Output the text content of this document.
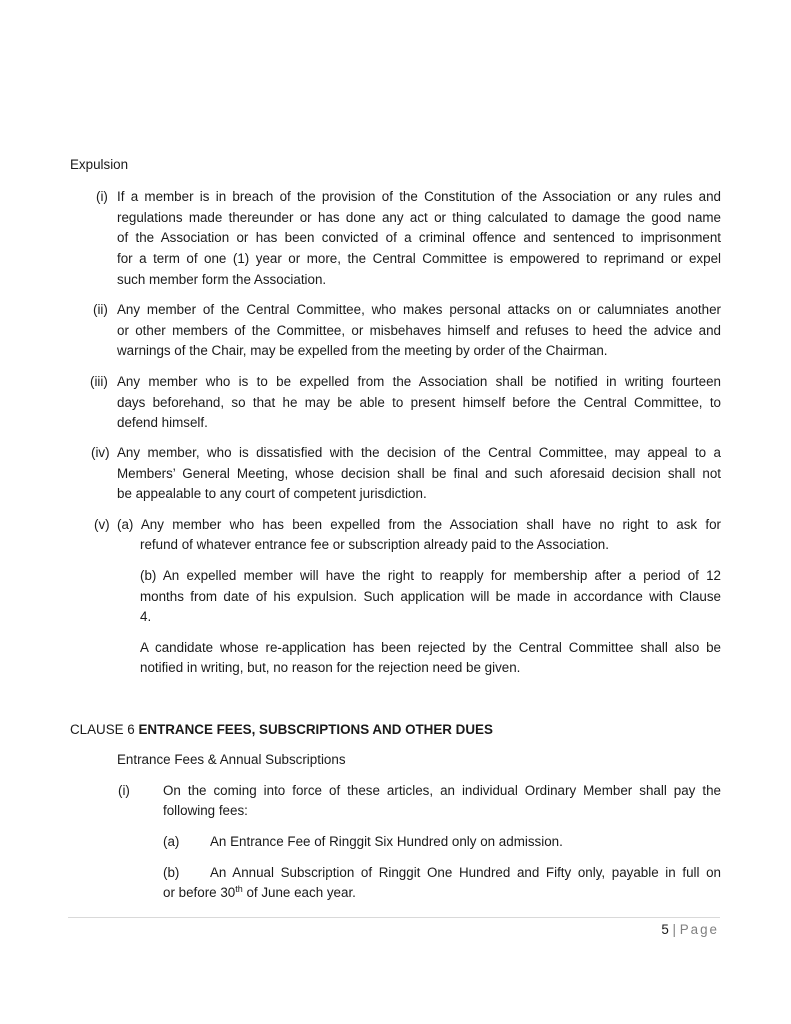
Expulsion
(i) If a member is in breach of the provision of the Constitution of the Association or any rules and
regulations made thereunder or has done any act or thing calculated to damage the good name
of the Association or has been convicted of a criminal offence and sentenced to imprisonment
for a term of one (1) year or more, the Central Committee is empowered to reprimand or expel
such member form the Association.
(ii) Any member of the Central Committee, who makes personal attacks on or calumniates another
or other members of the Committee, or misbehaves himself and refuses to heed the advice and
warnings of the Chair, may be expelled from the meeting by order of the Chairman.
(iii) Any member who is to be expelled from the Association shall be notified in writing fourteen
days beforehand, so that he may be able to present himself before the Central Committee, to
defend himself.
(iv) Any member, who is dissatisfied with the decision of the Central Committee, may appeal to a
Members’ General Meeting, whose decision shall be final and such aforesaid decision shall not
be appealable to any court of competent jurisdiction.
(v) (a) Any member who has been expelled from the Association shall have no right to ask for
refund of whatever entrance fee or subscription already paid to the Association.
(b) An expelled member will have the right to reapply for membership after a period of 12
months from date of his expulsion. Such application will be made in accordance with Clause
4.
A candidate whose re-application has been rejected by the Central Committee shall also be
notified in writing, but, no reason for the rejection need be given.
CLAUSE 6 ENTRANCE FEES, SUBSCRIPTIONS AND OTHER DUES
Entrance Fees & Annual Subscriptions
(i) On the coming into force of these articles, an individual Ordinary Member shall pay the
following fees:
(a) An Entrance Fee of Ringgit Six Hundred only on admission.
(b) An Annual Subscription of Ringgit One Hundred and Fifty only, payable in full on
or before 30th of June each year.
5 | Page
